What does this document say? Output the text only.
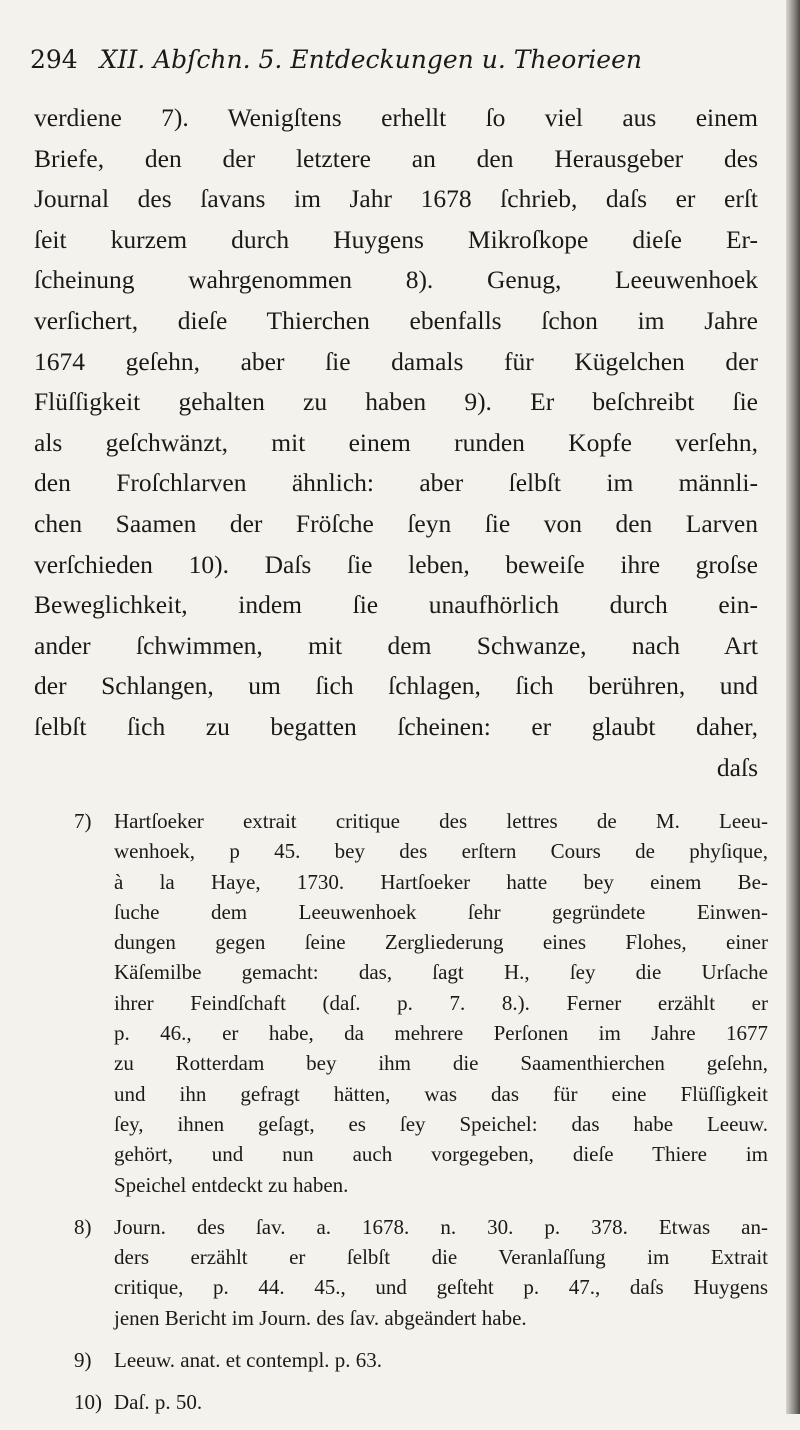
294 XII. Abſchn. 5. Entdeckungen u. Theorieen
verdiene 7). Wenigſtens erhellt ſo viel aus einem
Briefe, den der letztere an den Herausgeber des
Journal des ſavans im Jahr 1678 ſchrieb, daſs er erſt
ſeit kurzem durch Huygens Mikroſkope dieſe Er-
ſcheinung wahrgenommen 8). Genug, Leeuwenhoek
verſichert, dieſe Thierchen ebenfalls ſchon im Jahre
1674 geſehn, aber ſie damals für Kügelchen der
Flüſſigkeit gehalten zu haben 9). Er beſchreibt ſie
als geſchwänzt, mit einem runden Kopfe verſehn,
den Froſchlarven ähnlich: aber ſelbſt im männli-
chen Saamen der Fröſche ſeyn ſie von den Larven
verſchieden 10). Daſs ſie leben, beweiſe ihre groſse
Beweglichkeit, indem ſie unaufhörlich durch ein-
ander ſchwimmen, mit dem Schwanze, nach Art
der Schlangen, um ſich ſchlagen, ſich berühren, und
ſelbſt ſich zu begatten ſcheinen: er glaubt daher,
daſs
7) Hartſoeker extrait critique des lettres de M. Leeu-
wenhoek, p 45. bey des erſtern Cours de phyſique,
à la Haye, 1730. Hartſoeker hatte bey einem Be-
ſuche dem Leeuwenhoek ſehr gegründete Einwen-
dungen gegen ſeine Zergliederung eines Flohes, einer
Käſemilbe gemacht: das, ſagt H., ſey die Urſache
ihrer Feindſchaft (daſ. p. 7. 8.). Ferner erzählt er
p. 46., er habe, da mehrere Perſonen im Jahre 1677
zu Rotterdam bey ihm die Saamenthierchen geſehn,
und ihn gefragt hätten, was das für eine Flüſſigkeit
ſey, ihnen geſagt, es ſey Speichel: das habe Leeuw.
gehört, und nun auch vorgegeben, dieſe Thiere im
Speichel entdeckt zu haben.
8) Journ. des ſav. a. 1678. n. 30. p. 378. Etwas an-
ders erzählt er ſelbſt die Veranlaſſung im Extrait
critique, p. 44. 45., und geſteht p. 47., daſs Huygens
jenen Bericht im Journ. des ſav. abgeändert habe.
9) Leeuw. anat. et contempl. p. 63.
10) Daſ. p. 50.
